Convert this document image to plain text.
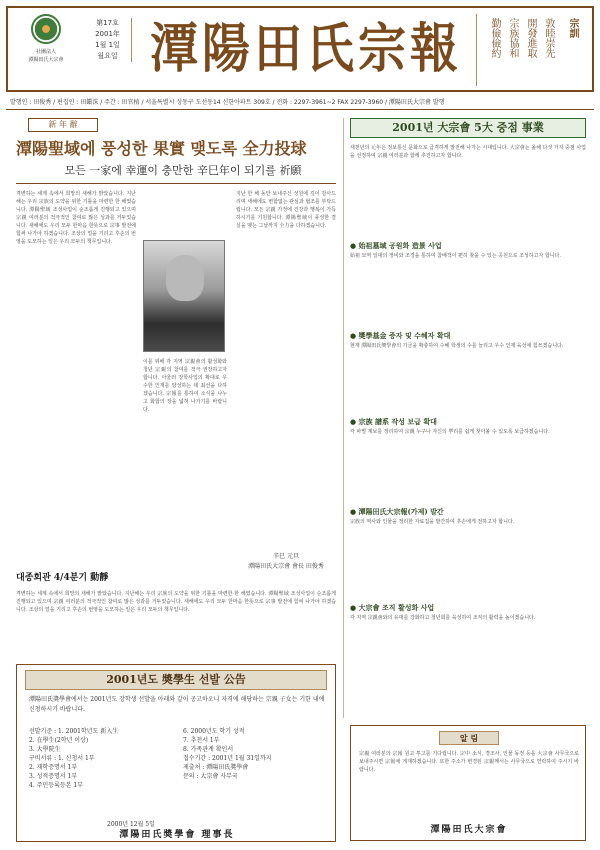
社團法人
潭陽田氏大宗會
第17호
2001年
1월 1일
월요일 潭陽田氏宗報	宗訓
敦睦崇先
開發進取
宗族協和
勤儉儉約
발행인 : 田俊秀 / 편집인 : 田鎭洙 / 주간 : 田官植 / 서울특별시 성동구 도선동14 신한아파트 309호 / 전화 : 2297-3961~2 FAX 2297-3960 / 潭陽田氏大宗會 발행
新 年 辭
潭陽聖域에 풍성한 果實 맺도록 全力投球
모든 一家에 幸運이 충만한 辛巳年이 되기를 祈願
격변하는 세계 속에서 희망의 새해가 밝았습니다. 지난해는 우리 宗族의 도약을 위한 기틀을 마련한 한 해였습니다. 潭陽聖域 조성사업이 순조롭게 진행되고 있으며 宗親 여러분의 적극적인 참여로 많은 성과를 거두었습니다. 새해에도 우리 모두 한마음 한뜻으로 宗事 발전에 힘써 나가야 하겠습니다. 조상의 얼을 기리고 후손의 번영을 도모하는 일은 우리 모두의 책무입니다.
이를 위해 각 지역 宗親會의 활성화와 청년 宗親의 참여를 적극 권장하고자 합니다. 아울러 장학사업의 확대로 우수한 인재를 양성하는 데 최선을 다하겠습니다. 宗報를 통하여 소식을 나누고 화합의 장을 넓혀 나가기를 바랍니다.
지난 한 해 동안 보내주신 성원에 깊이 감사드리며 새해에도 변함없는 관심과 협조를 부탁드립니다. 모든 宗親 가정에 건강과 행복이 가득하시기를 기원합니다. 潭陽聖域이 풍성한 결실을 맺는 그날까지 全力을 다하겠습니다.
辛巳 元旦
潭陽田氏大宗會 會長 田俊秀
대종회관 4/4분기 動靜
격변하는 세계 속에서 희망의 새해가 밝았습니다. 지난해는 우리 宗族의 도약을 위한 기틀을 마련한 한 해였습니다. 潭陽聖域 조성사업이 순조롭게 진행되고 있으며 宗親 여러분의 적극적인 참여로 많은 성과를 거두었습니다. 새해에도 우리 모두 한마음 한뜻으로 宗事 발전에 힘써 나가야 하겠습니다. 조상의 얼을 기리고 후손의 번영을 도모하는 일은 우리 모두의 책무입니다.
2001년 大宗會 5大 중점 事業
새천년의 元年은 정보통신 문화으로 급격하게 발전해 나가는 시대입니다. 大宗會는 올해 다섯 가지 중점 사업을 선정하여 宗親 여러분과 함께 추진하고자 합니다.
● 始祖墓域 공원화 造景 사업
始祖 묘역 일대의 정비와 조경을 통하여 참배객이 편히 찾을 수 있는 공원으로 조성하고자 합니다.
● 奬學基金 증자 및 수혜자 확대
현재 潭陽田氏奬學會의 기금을 확충하여 수혜 학생의 수를 늘리고 우수 인재 육성에 힘쓰겠습니다.
● 宗族 譜系 작성 보급 확대
각 파별 계보를 정리하여 宗親 누구나 자신의 뿌리를 쉽게 찾아볼 수 있도록 보급하겠습니다.
● 潭陽田氏大宗報(가제) 발간
宗族의 역사와 인물을 정리한 자료집을 발간하여 후손에게 전하고자 합니다.
● 大宗會 조직 활성화 사업
각 지역 宗親會와의 유대를 강화하고 청년회를 육성하여 조직의 활력을 높이겠습니다.
2001년도 奬學生 선발 公告
潭陽田氏奬學會에서는 2001년도 장학생 선발을 아래와 같이 공고하오니 자격에 해당하는 宗親 子女는 기한 내에 신청하시기 바랍니다.
선발기준 : 1. 2001학년도 新入生
2. 在學生(2학년 이상)
3. 大學院生
구비서류 : 1. 신청서 1부
2. 재학증명서 1부
3. 성적증명서 1부
4. 주민등록등본 1부
6. 2000년도 학기 성적
7. 추천서 1부
8. 가족관계 확인서
접수기간 : 2001년 1월 31일까지
제출처 : 潭陽田氏奬學會
문의 : 大宗會 사무국
2000년 12월 5일
潭陽田氏奬學會 理事長
알 림
宗親 여러분의 宗報 원고 투고를 기다립니다. 宗中 소식, 경조사, 인물 동정 등을 大宗會 사무국으로 보내주시면 宗報에 게재하겠습니다. 또한 주소가 변경된 宗親께서는 사무국으로 연락하여 주시기 바랍니다.
潭陽田氏大宗會
